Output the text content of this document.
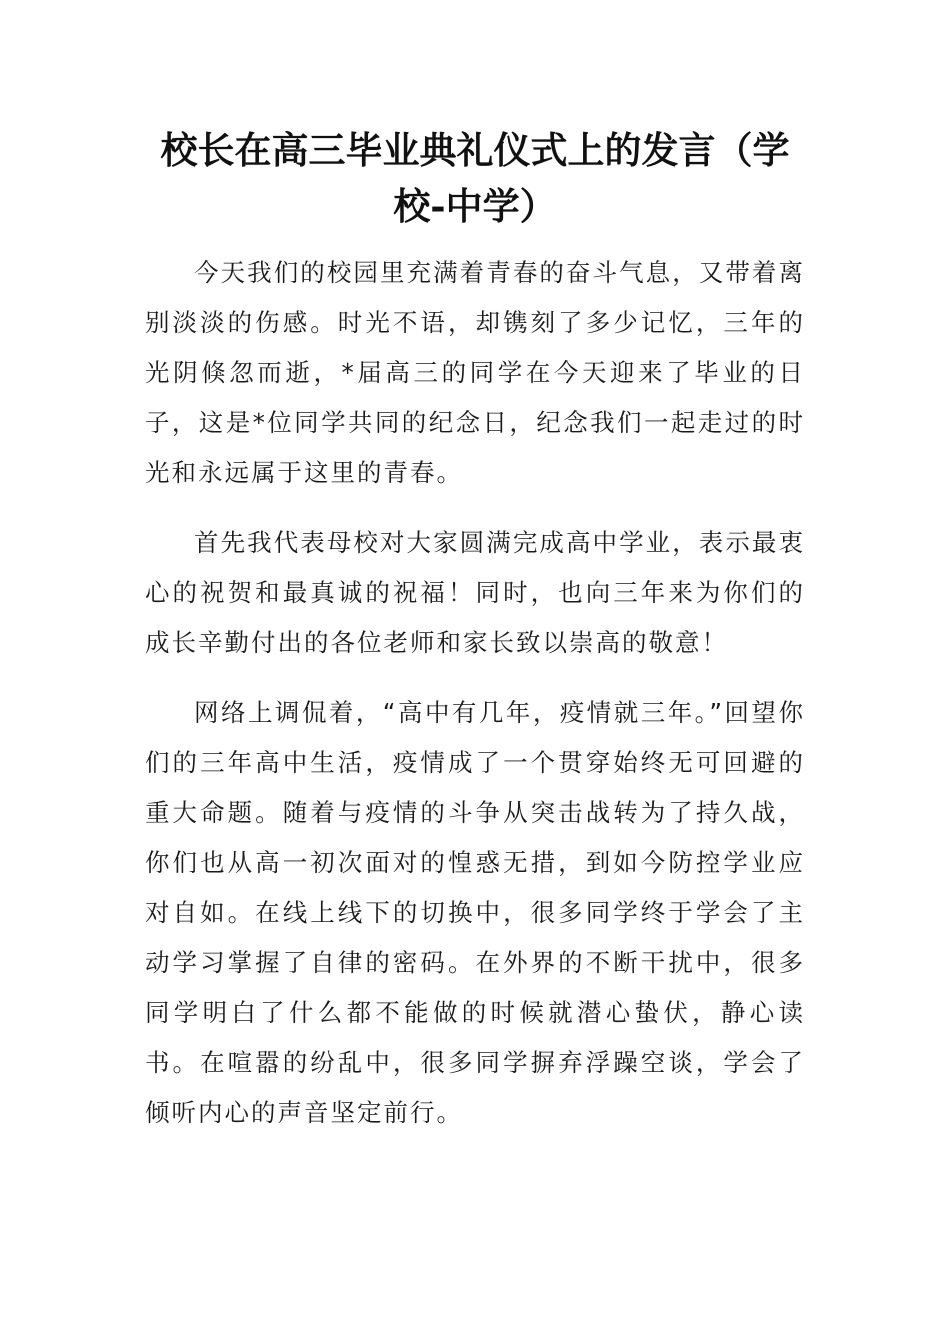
校长在高三毕业典礼仪式上的发言（学
校-中学）

今天我们的校园里充满着青春的奋斗气息，又带着离别淡淡的伤感。时光不语，却镌刻了多少记忆，三年的光阴倏忽而逝，*届高三的同学在今天迎来了毕业的日子，这是*位同学共同的纪念日，纪念我们一起走过的时光和永远属于这里的青春。

首先我代表母校对大家圆满完成高中学业，表示最衷心的祝贺和最真诚的祝福！同时，也向三年来为你们的成长辛勤付出的各位老师和家长致以崇高的敬意！

网络上调侃着，“高中有几年，疫情就三年。”回望你们的三年高中生活，疫情成了一个贯穿始终无可回避的重大命题。随着与疫情的斗争从突击战转为了持久战，你们也从高一初次面对的惶惑无措，到如今防控学业应对自如。在线上线下的切换中，很多同学终于学会了主动学习掌握了自律的密码。在外界的不断干扰中，很多同学明白了什么都不能做的时候就潜心蛰伏，静心读书。在喧嚣的纷乱中，很多同学摒弃浮躁空谈，学会了倾听内心的声音坚定前行。
